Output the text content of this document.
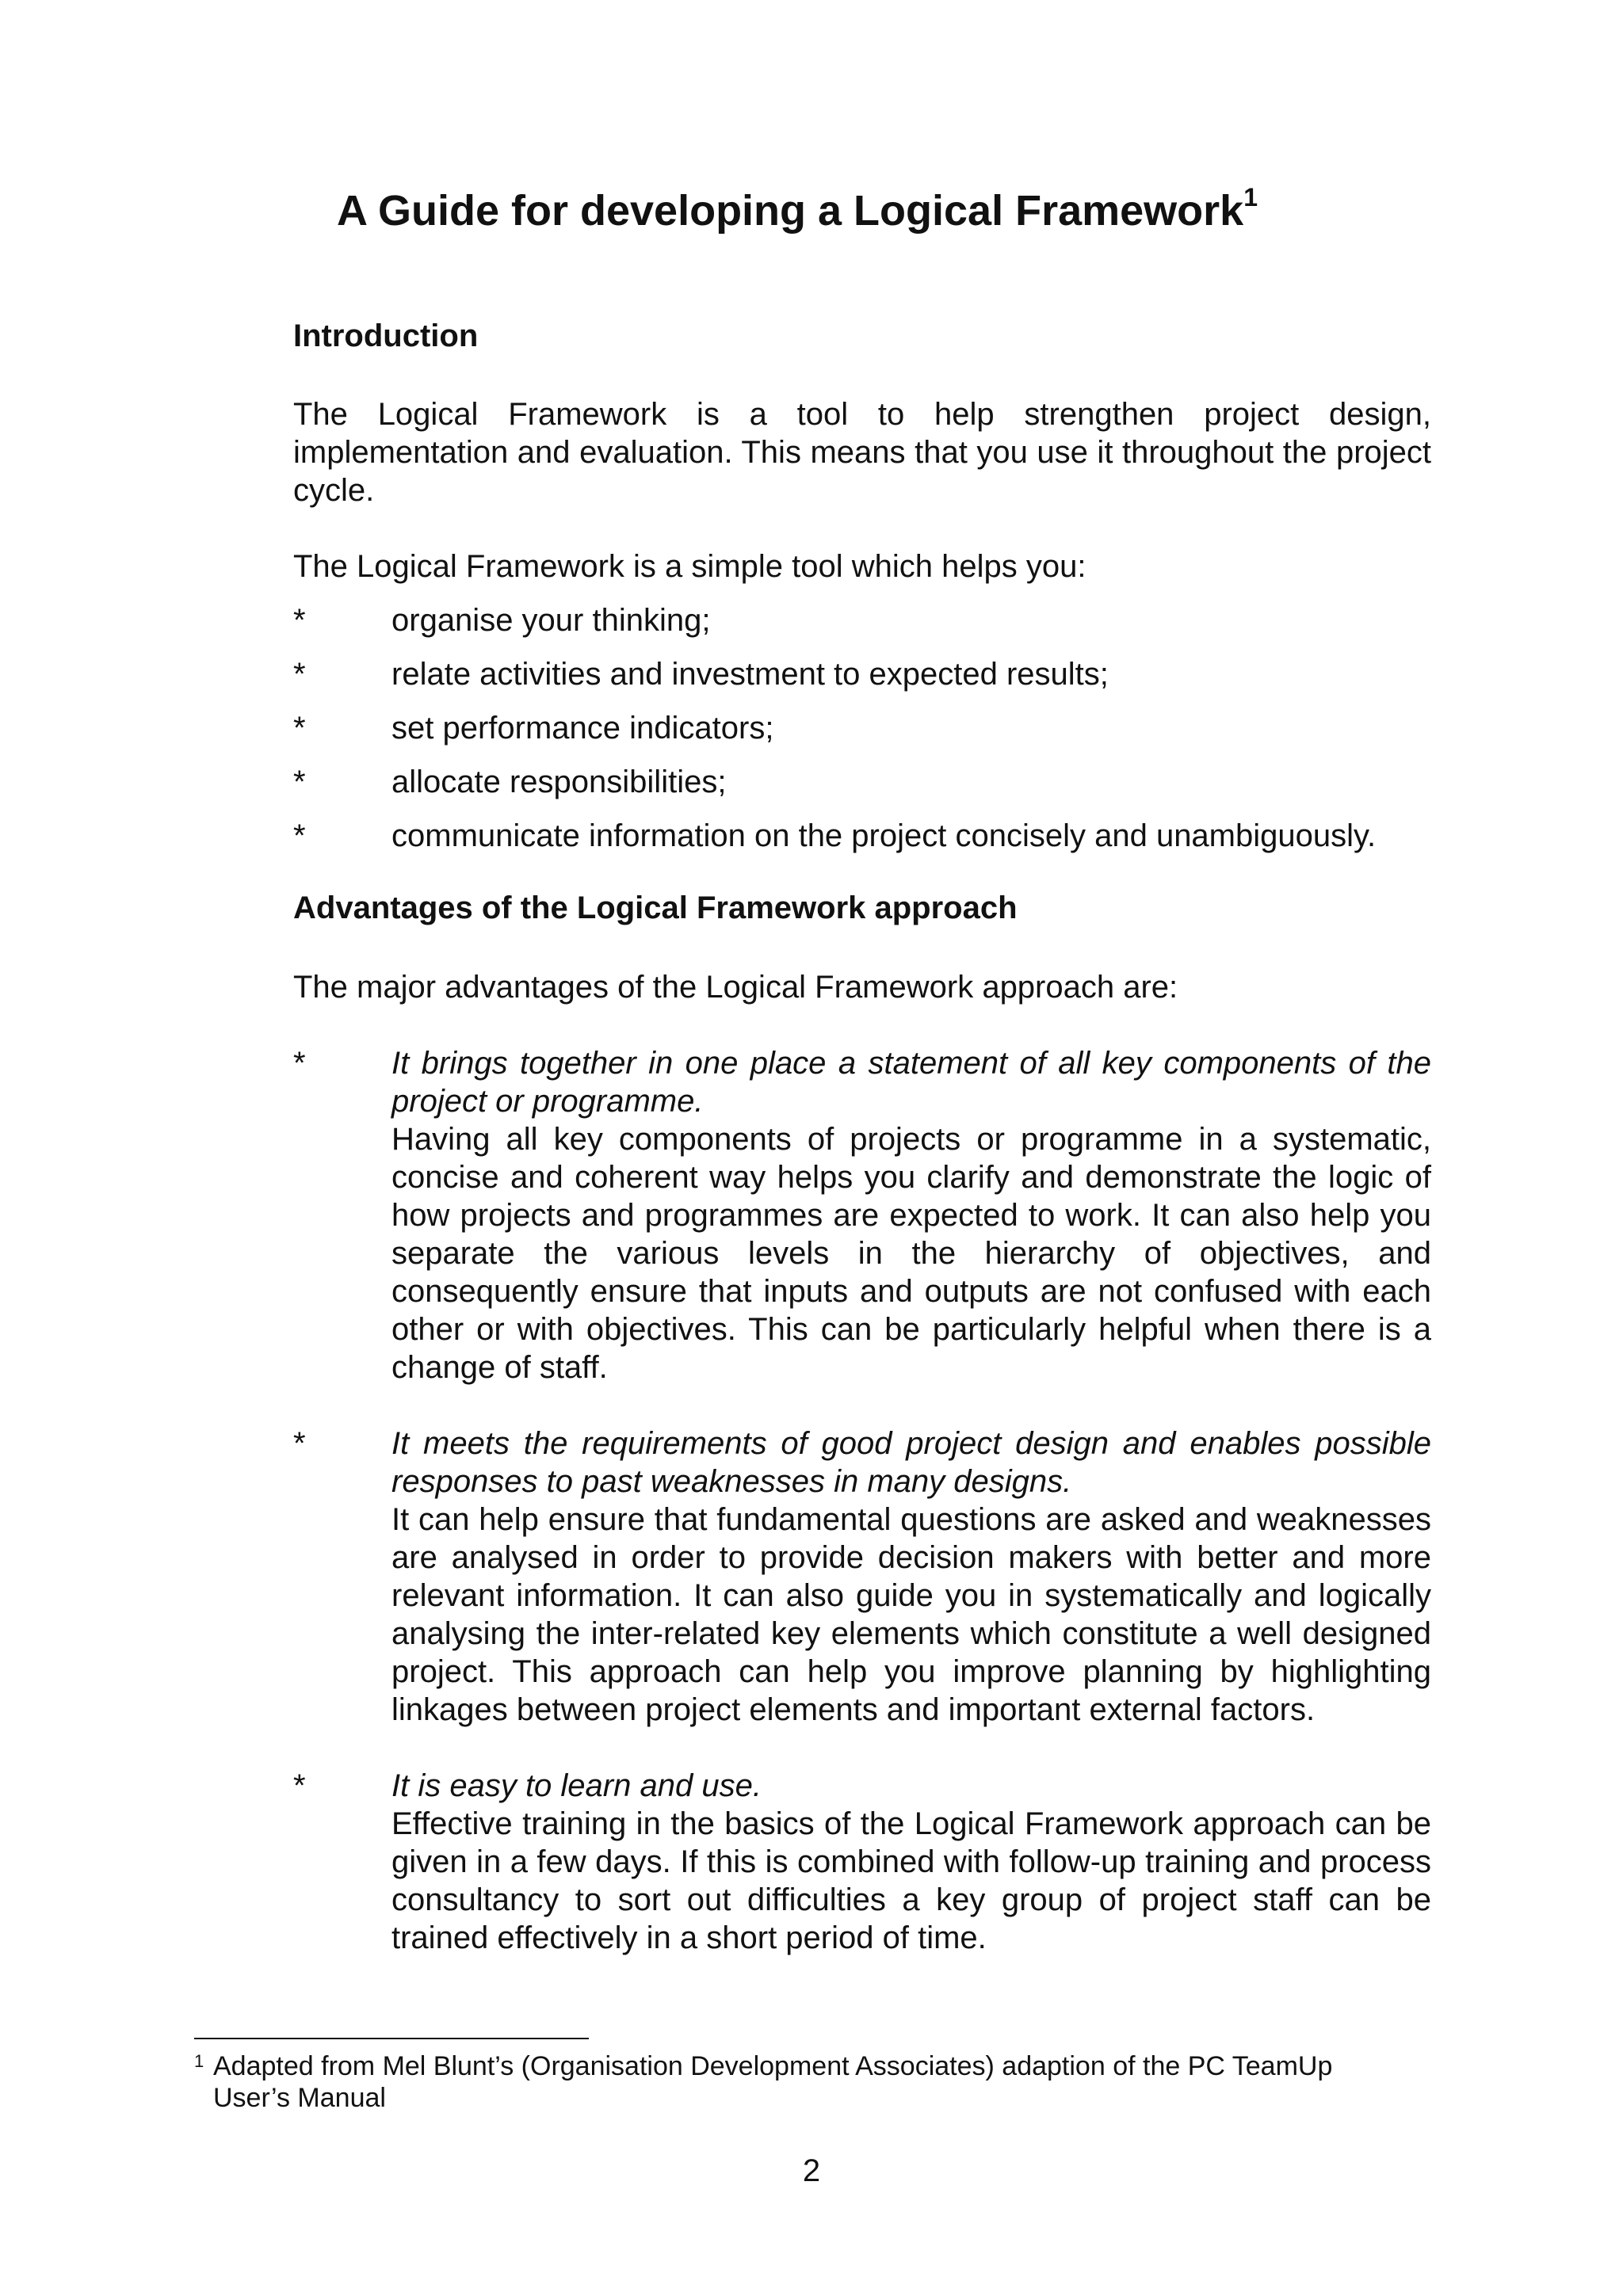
A Guide for developing a Logical Framework$^1$

Introduction

The Logical Framework is a tool to help strengthen project design, implementation and evaluation. This means that you use it throughout the project cycle.

The Logical Framework is a simple tool which helps you:

*	organise your thinking;
*	relate activities and investment to expected results;
*	set performance indicators;
*	allocate responsibilities;
*	communicate information on the project concisely and unambiguously.

Advantages of the Logical Framework approach

The major advantages of the Logical Framework approach are:

*	It brings together in one place a statement of all key components of the project or programme.
Having all key components of projects or programme in a systematic, concise and coherent way helps you clarify and demonstrate the logic of how projects and programmes are expected to work. It can also help you separate the various levels in the hierarchy of objectives, and consequently ensure that inputs and outputs are not confused with each other or with objectives. This can be particularly helpful when there is a change of staff.
*	It meets the requirements of good project design and enables possible responses to past weaknesses in many designs.
It can help ensure that fundamental questions are asked and weaknesses are analysed in order to provide decision makers with better and more relevant information. It can also guide you in systematically and logically analysing the inter-related key elements which constitute a well designed project. This approach can help you improve planning by highlighting linkages between project elements and important external factors.
*	It is easy to learn and use.
Effective training in the basics of the Logical Framework approach can be given in a few days. If this is combined with follow-up training and process consultancy to sort out difficulties a key group of project staff can be trained effectively in a short period of time.
1 Adapted from Mel Blunt’s (Organisation Development Associates) adaption of the PC TeamUp User’s Manual
2
